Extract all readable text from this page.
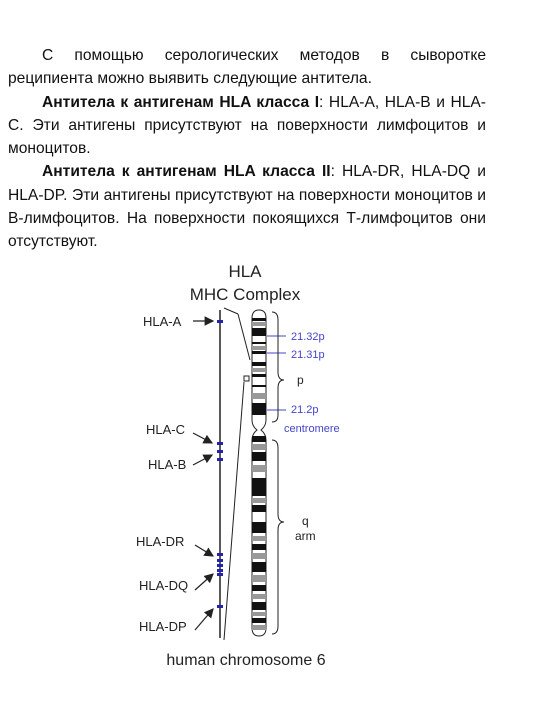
С помощью серологических методов в сыворотке реципиента можно выявить следующие антитела.

Антитела к антигенам HLA класса I: HLA-A, HLA-B и HLA-C. Эти антигены присутствуют на поверхности лимфоцитов и моноцитов.

Антитела к антигенам HLA класса II: HLA-DR, HLA-DQ и HLA-DP. Эти антигены присутствуют на поверхности моноцитов и В-лимфоцитов. На поверхности покоящихся Т-лимфоцитов они отсутствуют.

HLA
MHC Complex
HLA-A
HLA-C
HLA-B
HLA-DR
HLA-DQ
HLA-DP
21.32p
21.31p
21.2p
centromere
p
q
arm
human chromosome 6
